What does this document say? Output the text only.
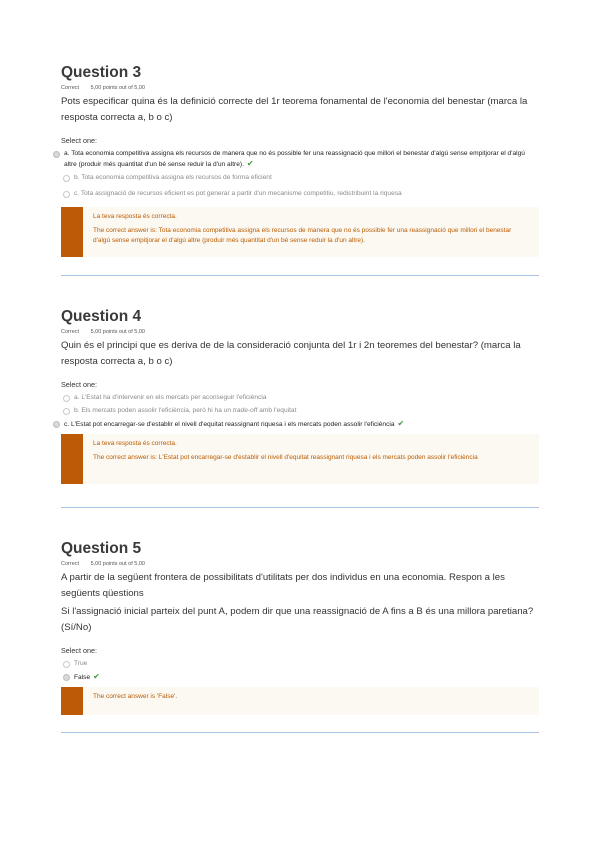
Question 3
Correct 5,00 points out of 5,00
Pots especificar quina és la definició correcte del 1r teorema fonamental de l'economia del benestar (marca la resposta correcta a, b o c)
Select one:
a. Tota economia competitiva assigna els recursos de manera que no és possible fer una reassignació que millori el benestar d'algú sense empitjorar el d'algú altre (produir més quantitat d'un bé sense reduir la d'un altre). ✔
b. Tota economia competitiva assigna els recursos de forma eficient
c. Tota assignació de recursos eficient es pot generar a partir d'un mecanisme competitiu, redistribuint la riquesa

La teva resposta és correcta.

The correct answer is: Tota economia competitiva assigna els recursos de manera que no és possible fer una reassignació que millori el benestar d'algú sense empitjorar el d'algú altre (produir més quantitat d'un bé sense reduir la d'un altre).

Question 4
Correct 5,00 points out of 5,00
Quin és el principi que es deriva de de la consideració conjunta del 1r i 2n teoremes del benestar? (marca la resposta correcta a, b o c)
Select one:
a. L'Estat ha d'intervenir en els mercats per aconseguir l'eficiència
b. Els mercats poden assolir l'eficiència, però hi ha un trade-off amb l'equitat
c. L'Estat pot encarregar-se d'establir el nivell d'equitat reassignant riquesa i els mercats poden assolir l'eficiència ✔

La teva resposta és correcta.

The correct answer is: L'Estat pot encarregar-se d'establir el nivell d'equitat reassignant riquesa i els mercats poden assolir l'eficiència

Question 5
Correct 5,00 points out of 5,00
A partir de la següent frontera de possibilitats d'utilitats per dos individus en una economia. Respon a les següents qüestions
Si l'assignació inicial parteix del punt A, podem dir que una reassignació de A fins a B és una millora paretiana? (Sí/No)
Select one:
True
False ✔

The correct answer is 'False'.
